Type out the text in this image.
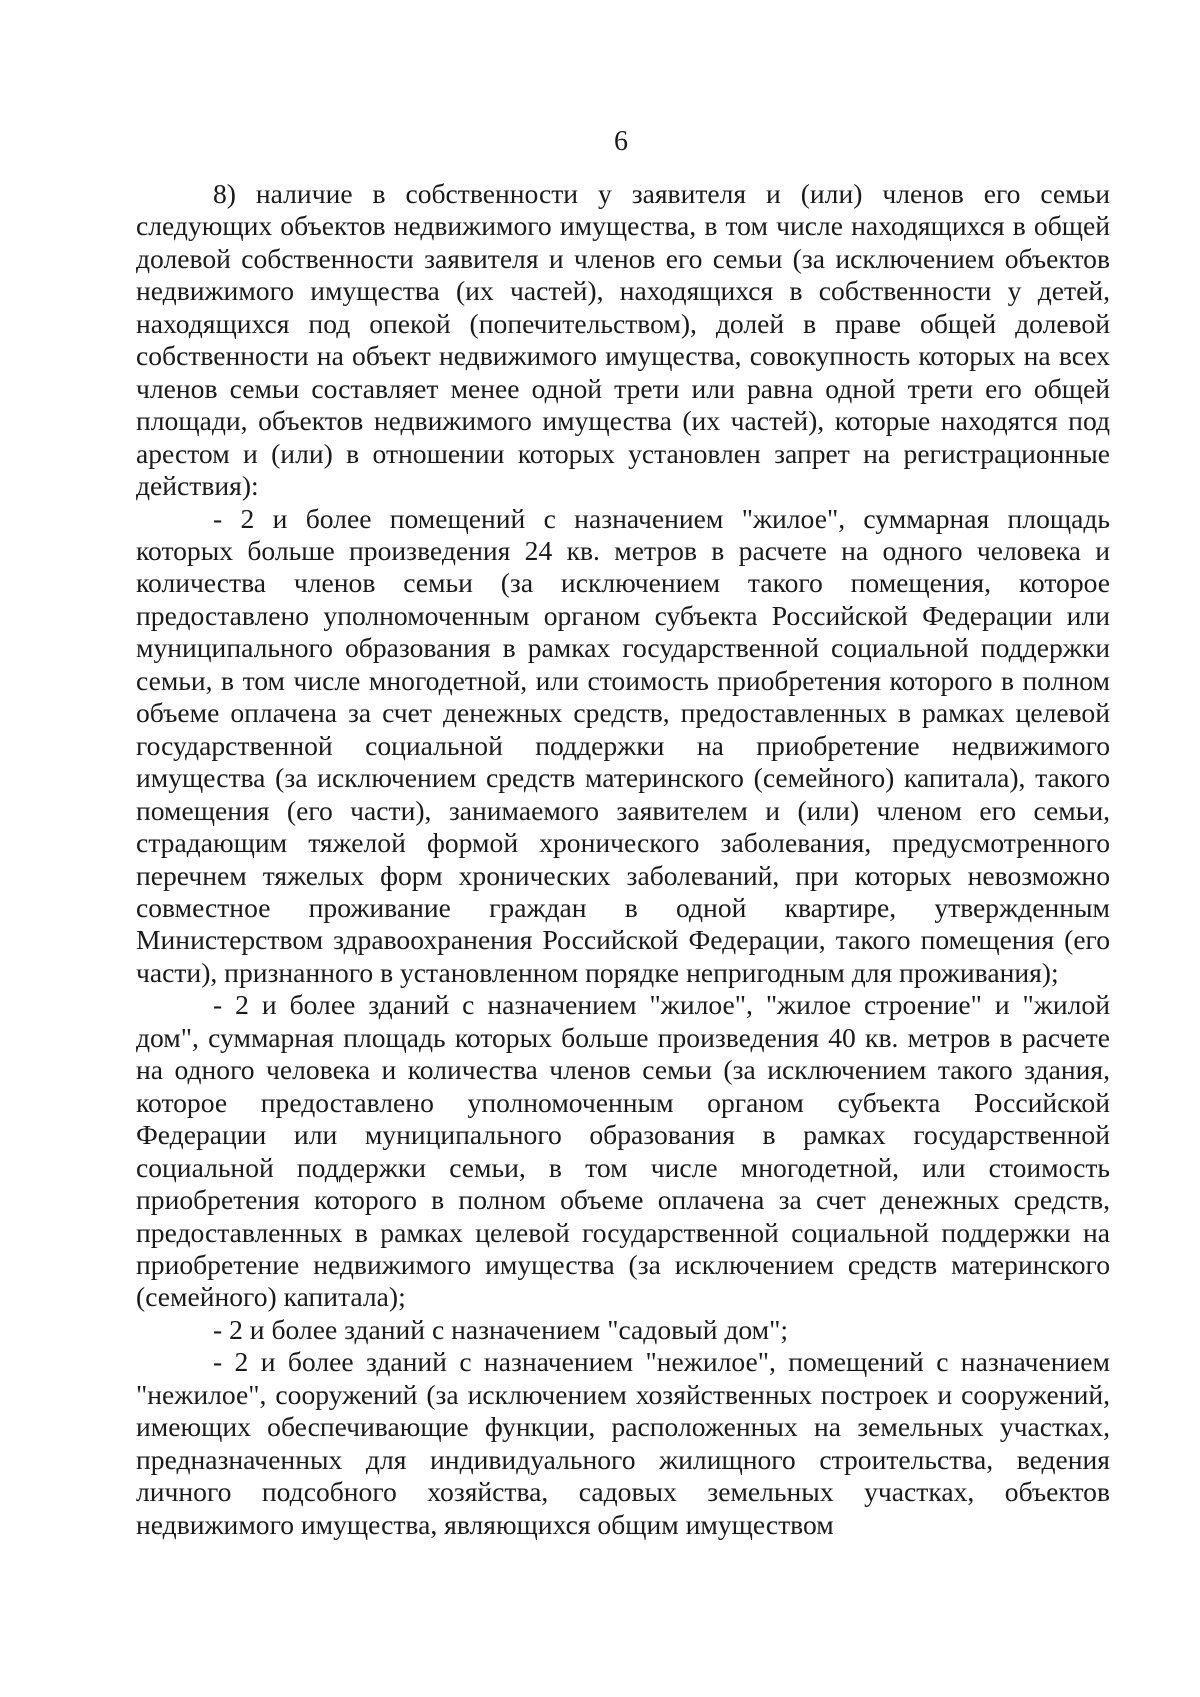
6

8) наличие в собственности у заявителя и (или) членов его семьи следующих объектов недвижимого имущества, в том числе находящихся в общей долевой собственности заявителя и членов его семьи (за исключением объектов недвижимого имущества (их частей), находящихся в собственности у детей, находящихся под опекой (попечительством), долей в праве общей долевой собственности на объект недвижимого имущества, совокупность которых на всех членов семьи составляет менее одной трети или равна одной трети его общей площади, объектов недвижимого имущества (их частей), которые находятся под арестом и (или) в отношении которых установлен запрет на регистрационные действия):

- 2 и более помещений с назначением "жилое", суммарная площадь которых больше произведения 24 кв. метров в расчете на одного человека и количества членов семьи (за исключением такого помещения, которое предоставлено уполномоченным органом субъекта Российской Федерации или муниципального образования в рамках государственной социальной поддержки семьи, в том числе многодетной, или стоимость приобретения которого в полном объеме оплачена за счет денежных средств, предоставленных в рамках целевой государственной социальной поддержки на приобретение недвижимого имущества (за исключением средств материнского (семейного) капитала), такого помещения (его части), занимаемого заявителем и (или) членом его семьи, страдающим тяжелой формой хронического заболевания, предусмотренного перечнем тяжелых форм хронических заболеваний, при которых невозможно совместное проживание граждан в одной квартире, утвержденным Министерством здравоохранения Российской Федерации, такого помещения (его части), признанного в установленном порядке непригодным для проживания);

- 2 и более зданий с назначением "жилое", "жилое строение" и "жилой дом", суммарная площадь которых больше произведения 40 кв. метров в расчете на одного человека и количества членов семьи (за исключением такого здания, которое предоставлено уполномоченным органом субъекта Российской Федерации или муниципального образования в рамках государственной социальной поддержки семьи, в том числе многодетной, или стоимость приобретения которого в полном объеме оплачена за счет денежных средств, предоставленных в рамках целевой государственной социальной поддержки на приобретение недвижимого имущества (за исключением средств материнского (семейного) капитала);

- 2 и более зданий с назначением "садовый дом";

- 2 и более зданий с назначением "нежилое", помещений с назначением "нежилое", сооружений (за исключением хозяйственных построек и сооружений, имеющих обеспечивающие функции, расположенных на земельных участках, предназначенных для индивидуального жилищного строительства, ведения личного подсобного хозяйства, садовых земельных участках, объектов недвижимого имущества, являющихся общим имуществом
